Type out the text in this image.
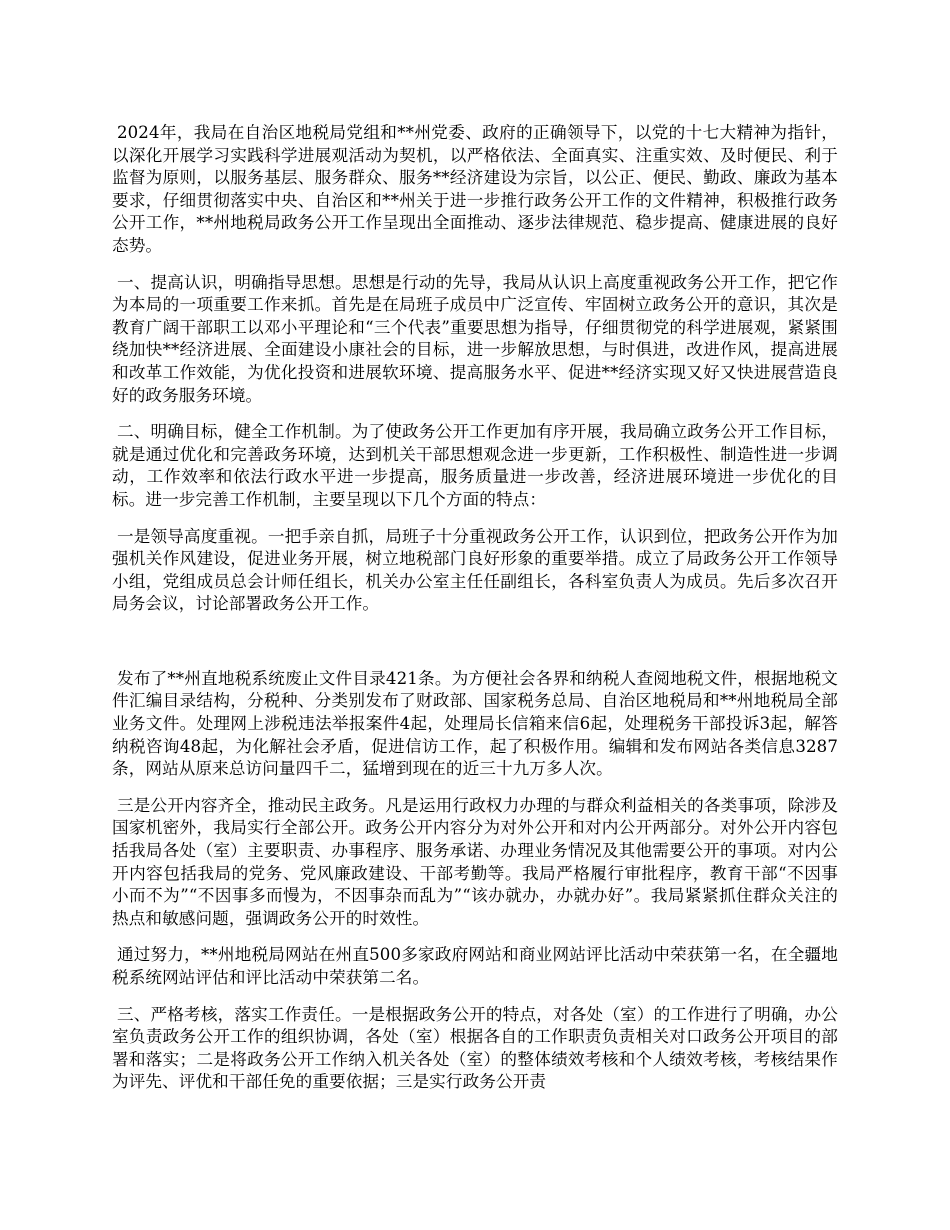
2024年，我局在自治区地税局党组和**州党委、政府的正确领导下，以党的十七大精神为指针，以深化开展学习实践科学进展观活动为契机，以严格依法、全面真实、注重实效、及时便民、利于监督为原则，以服务基层、服务群众、服务**经济建设为宗旨，以公正、便民、勤政、廉政为基本要求，仔细贯彻落实中央、自治区和**州关于进一步推行政务公开工作的文件精神，积极推行政务公开工作，**州地税局政务公开工作呈现出全面推动、逐步法律规范、稳步提高、健康进展的良好态势。

一、提高认识，明确指导思想。思想是行动的先导，我局从认识上高度重视政务公开工作，把它作为本局的一项重要工作来抓。首先是在局班子成员中广泛宣传、牢固树立政务公开的意识，其次是教育广阔干部职工以邓小平理论和“三个代表”重要思想为指导，仔细贯彻党的科学进展观，紧紧围绕加快**经济进展、全面建设小康社会的目标，进一步解放思想，与时俱进，改进作风，提高进展和改革工作效能，为优化投资和进展软环境、提高服务水平、促进**经济实现又好又快进展营造良好的政务服务环境。

二、明确目标，健全工作机制。为了使政务公开工作更加有序开展，我局确立政务公开工作目标，就是通过优化和完善政务环境，达到机关干部思想观念进一步更新，工作积极性、制造性进一步调动，工作效率和依法行政水平进一步提高，服务质量进一步改善，经济进展环境进一步优化的目标。进一步完善工作机制，主要呈现以下几个方面的特点：

一是领导高度重视。一把手亲自抓，局班子十分重视政务公开工作，认识到位，把政务公开作为加强机关作风建设，促进业务开展，树立地税部门良好形象的重要举措。成立了局政务公开工作领导小组，党组成员总会计师任组长，机关办公室主任任副组长，各科室负责人为成员。先后多次召开局务会议，讨论部署政务公开工作。

发布了**州直地税系统废止文件目录421条。为方便社会各界和纳税人查阅地税文件，根据地税文件汇编目录结构，分税种、分类别发布了财政部、国家税务总局、自治区地税局和**州地税局全部业务文件。处理网上涉税违法举报案件4起，处理局长信箱来信6起，处理税务干部投诉3起，解答纳税咨询48起，为化解社会矛盾，促进信访工作，起了积极作用。编辑和发布网站各类信息3287条，网站从原来总访问量四千二，猛增到现在的近三十九万多人次。

三是公开内容齐全，推动民主政务。凡是运用行政权力办理的与群众利益相关的各类事项，除涉及国家机密外，我局实行全部公开。政务公开内容分为对外公开和对内公开两部分。对外公开内容包括我局各处（室）主要职责、办事程序、服务承诺、办理业务情况及其他需要公开的事项。对内公开内容包括我局的党务、党风廉政建设、干部考勤等。我局严格履行审批程序，教育干部“不因事小而不为”“不因事多而慢为，不因事杂而乱为”“该办就办，办就办好”。我局紧紧抓住群众关注的热点和敏感问题，强调政务公开的时效性。

通过努力，**州地税局网站在州直500多家政府网站和商业网站评比活动中荣获第一名，在全疆地税系统网站评估和评比活动中荣获第二名。

三、严格考核，落实工作责任。一是根据政务公开的特点，对各处（室）的工作进行了明确，办公室负责政务公开工作的组织协调，各处（室）根据各自的工作职责负责相关对口政务公开项目的部署和落实；二是将政务公开工作纳入机关各处（室）的整体绩效考核和个人绩效考核，考核结果作为评先、评优和干部任免的重要依据；三是实行政务公开责
